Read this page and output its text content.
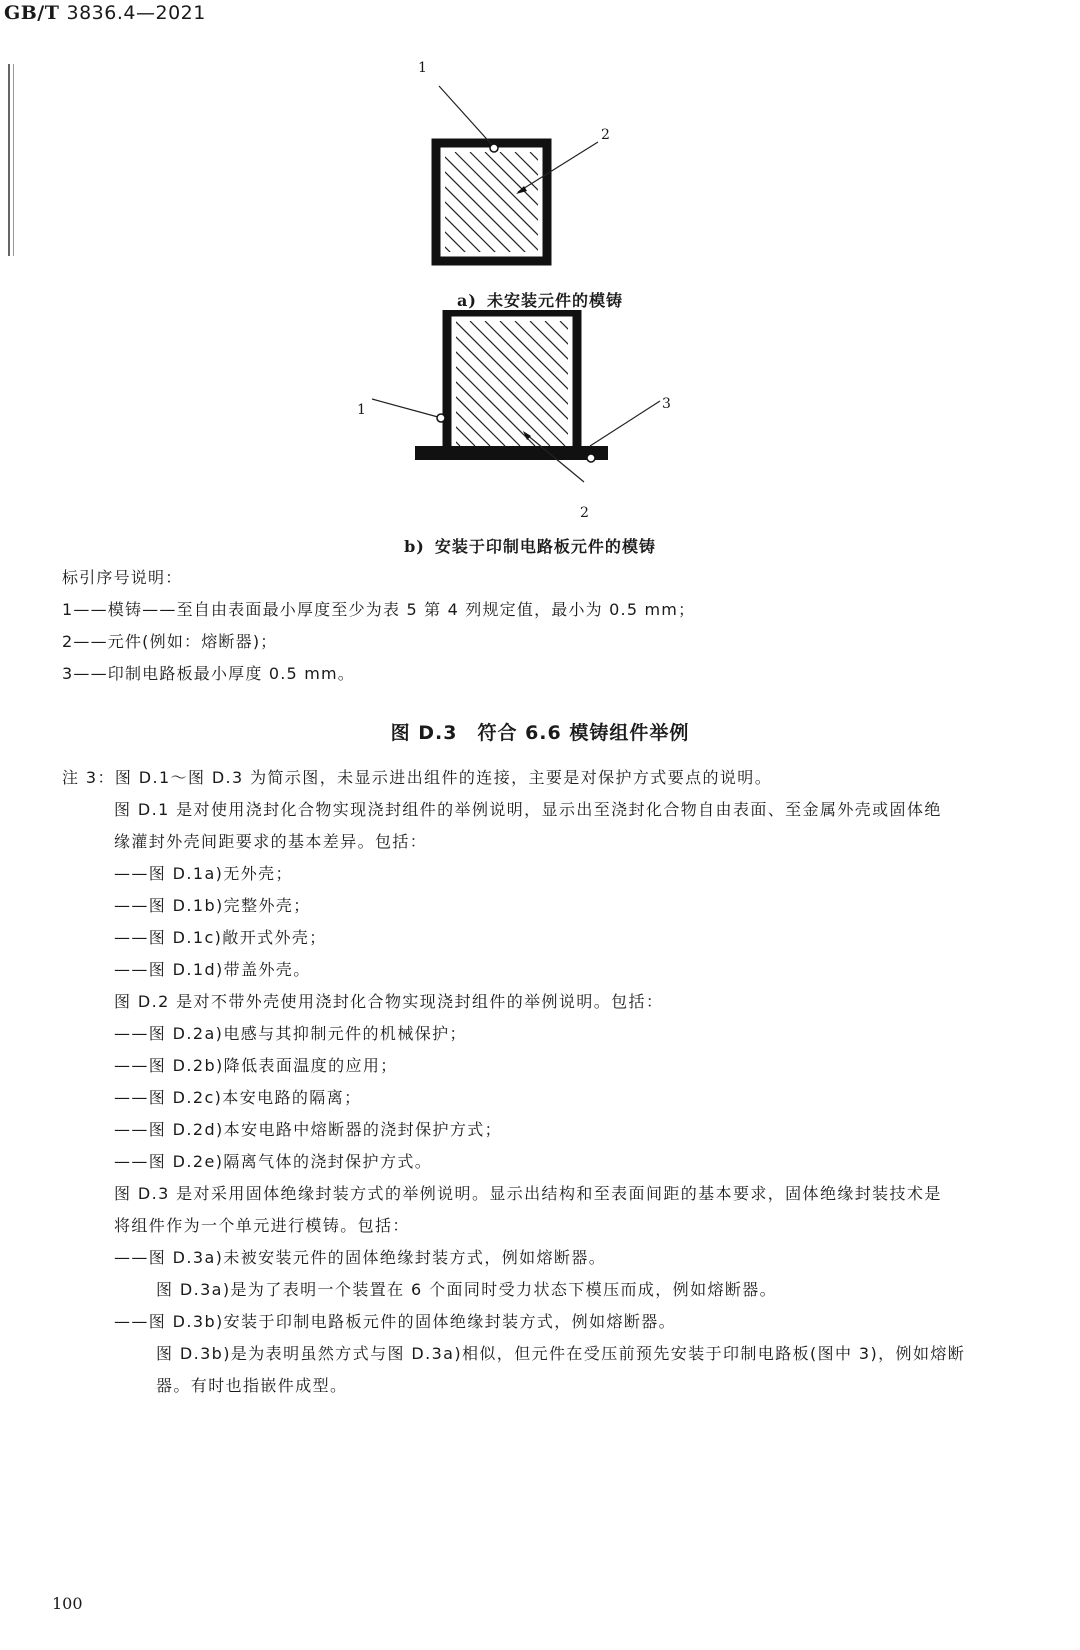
GB/T 3836.4—2021
1
2
a) 未安装元件的模铸
1	3
2
b) 安装于印制电路板元件的模铸
标引序号说明：
1——模铸——至自由表面最小厚度至少为表 5 第 4 列规定值，最小为 0.5 mm；
2——元件(例如：熔断器)；
3——印制电路板最小厚度 0.5 mm。
图 D.3　符合 6.6 模铸组件举例
注 3：图 D.1～图 D.3 为简示图，未显示进出组件的连接，主要是对保护方式要点的说明。
图 D.1 是对使用浇封化合物实现浇封组件的举例说明，显示出至浇封化合物自由表面、至金属外壳或固体绝
缘灌封外壳间距要求的基本差异。包括：
——图 D.1a)无外壳；
——图 D.1b)完整外壳；
——图 D.1c)敞开式外壳；
——图 D.1d)带盖外壳。
图 D.2 是对不带外壳使用浇封化合物实现浇封组件的举例说明。包括：
——图 D.2a)电感与其抑制元件的机械保护；
——图 D.2b)降低表面温度的应用；
——图 D.2c)本安电路的隔离；
——图 D.2d)本安电路中熔断器的浇封保护方式；
——图 D.2e)隔离气体的浇封保护方式。
图 D.3 是对采用固体绝缘封装方式的举例说明。显示出结构和至表面间距的基本要求，固体绝缘封装技术是
将组件作为一个单元进行模铸。包括：
——图 D.3a)未被安装元件的固体绝缘封装方式，例如熔断器。
图 D.3a)是为了表明一个装置在 6 个面同时受力状态下模压而成，例如熔断器。
——图 D.3b)安装于印制电路板元件的固体绝缘封装方式，例如熔断器。
图 D.3b)是为表明虽然方式与图 D.3a)相似，但元件在受压前预先安装于印制电路板(图中 3)，例如熔断
器。有时也指嵌件成型。
100
